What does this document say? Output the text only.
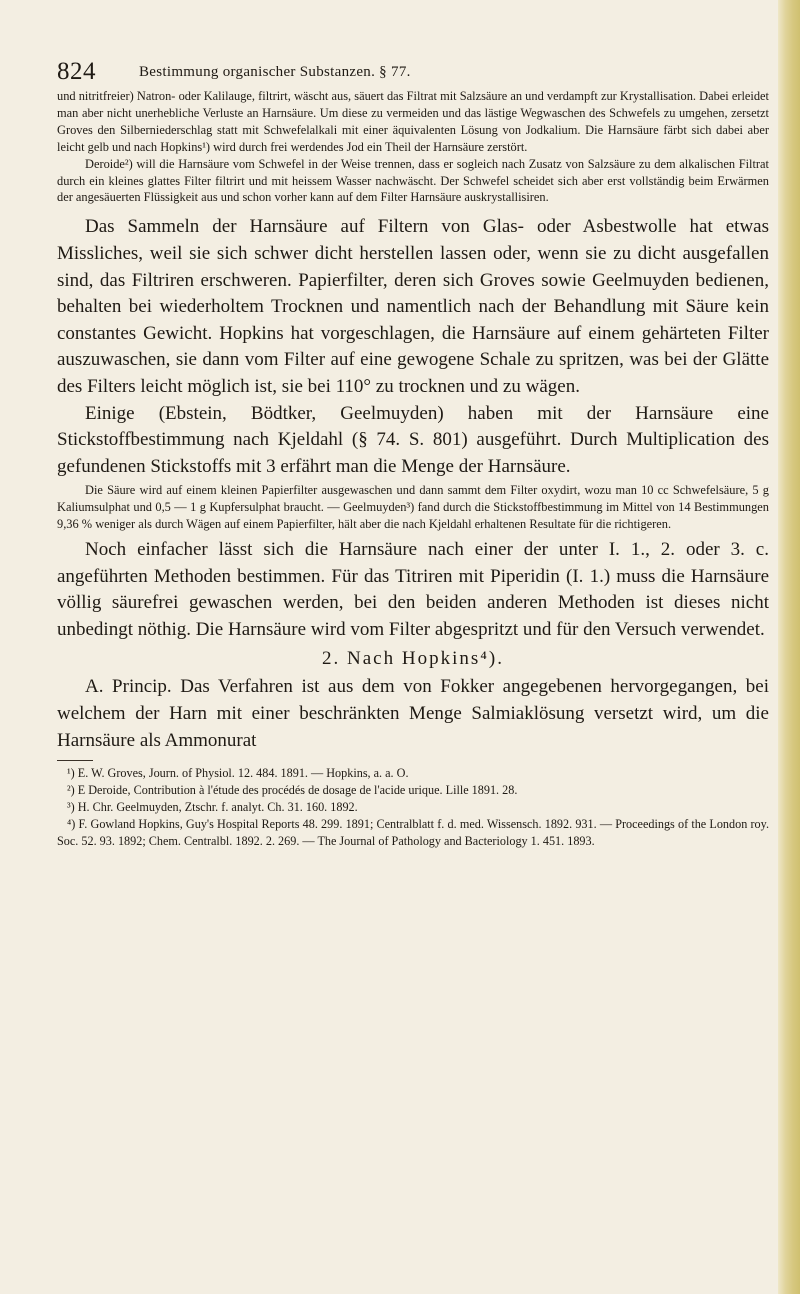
824	Bestimmung organischer Substanzen. § 77.

und nitritfreier) Natron- oder Kalilauge, filtrirt, wäscht aus, säuert das Filtrat mit Salzsäure an und verdampft zur Krystallisation. Dabei erleidet man aber nicht unerhebliche Verluste an Harnsäure. Um diese zu vermeiden und das lästige Wegwaschen des Schwefels zu umgehen, zersetzt Groves den Silberniederschlag statt mit Schwefelalkali mit einer äquivalenten Lösung von Jodkalium. Die Harnsäure färbt sich dabei aber leicht gelb und nach Hopkins¹) wird durch frei werdendes Jod ein Theil der Harnsäure zerstört.

Deroide²) will die Harnsäure vom Schwefel in der Weise trennen, dass er sogleich nach Zusatz von Salzsäure zu dem alkalischen Filtrat durch ein kleines glattes Filter filtrirt und mit heissem Wasser nachwäscht. Der Schwefel scheidet sich aber erst vollständig beim Erwärmen der angesäuerten Flüssigkeit aus und schon vorher kann auf dem Filter Harnsäure auskrystallisiren.

Das Sammeln der Harnsäure auf Filtern von Glas- oder Asbestwolle hat etwas Missliches, weil sie sich schwer dicht herstellen lassen oder, wenn sie zu dicht ausgefallen sind, das Filtriren erschweren. Papierfilter, deren sich Groves sowie Geelmuyden bedienen, behalten bei wiederholtem Trocknen und namentlich nach der Behandlung mit Säure kein constantes Gewicht. Hopkins hat vorgeschlagen, die Harnsäure auf einem gehärteten Filter auszuwaschen, sie dann vom Filter auf eine gewogene Schale zu spritzen, was bei der Glätte des Filters leicht möglich ist, sie bei 110° zu trocknen und zu wägen.

Einige (Ebstein, Bödtker, Geelmuyden) haben mit der Harnsäure eine Stickstoffbestimmung nach Kjeldahl (§ 74. S. 801) ausgeführt. Durch Multiplication des gefundenen Stickstoffs mit 3 erfährt man die Menge der Harnsäure.

Die Säure wird auf einem kleinen Papierfilter ausgewaschen und dann sammt dem Filter oxydirt, wozu man 10 cc Schwefelsäure, 5 g Kaliumsulphat und 0,5 — 1 g Kupfersulphat braucht. — Geelmuyden³) fand durch die Stickstoffbestimmung im Mittel von 14 Bestimmungen 9,36 % weniger als durch Wägen auf einem Papierfilter, hält aber die nach Kjeldahl erhaltenen Resultate für die richtigeren.

Noch einfacher lässt sich die Harnsäure nach einer der unter I. 1., 2. oder 3. c. angeführten Methoden bestimmen. Für das Titriren mit Piperidin (I. 1.) muss die Harnsäure völlig säurefrei gewaschen werden, bei den beiden anderen Methoden ist dieses nicht unbedingt nöthig. Die Harnsäure wird vom Filter abgespritzt und für den Versuch verwendet.

2. Nach Hopkins⁴).

A. Princip. Das Verfahren ist aus dem von Fokker angegebenen hervorgegangen, bei welchem der Harn mit einer beschränkten Menge Salmiaklösung versetzt wird, um die Harnsäure als Ammonurat

¹) E. W. Groves, Journ. of Physiol. 12. 484. 1891. — Hopkins, a. a. O.

²) E Deroide, Contribution à l'étude des procédés de dosage de l'acide urique. Lille 1891. 28.

³) H. Chr. Geelmuyden, Ztschr. f. analyt. Ch. 31. 160. 1892.

⁴) F. Gowland Hopkins, Guy's Hospital Reports 48. 299. 1891; Centralblatt f. d. med. Wissensch. 1892. 931. — Proceedings of the London roy. Soc. 52. 93. 1892; Chem. Centralbl. 1892. 2. 269. — The Journal of Pathology and Bacteriology 1. 451. 1893.
